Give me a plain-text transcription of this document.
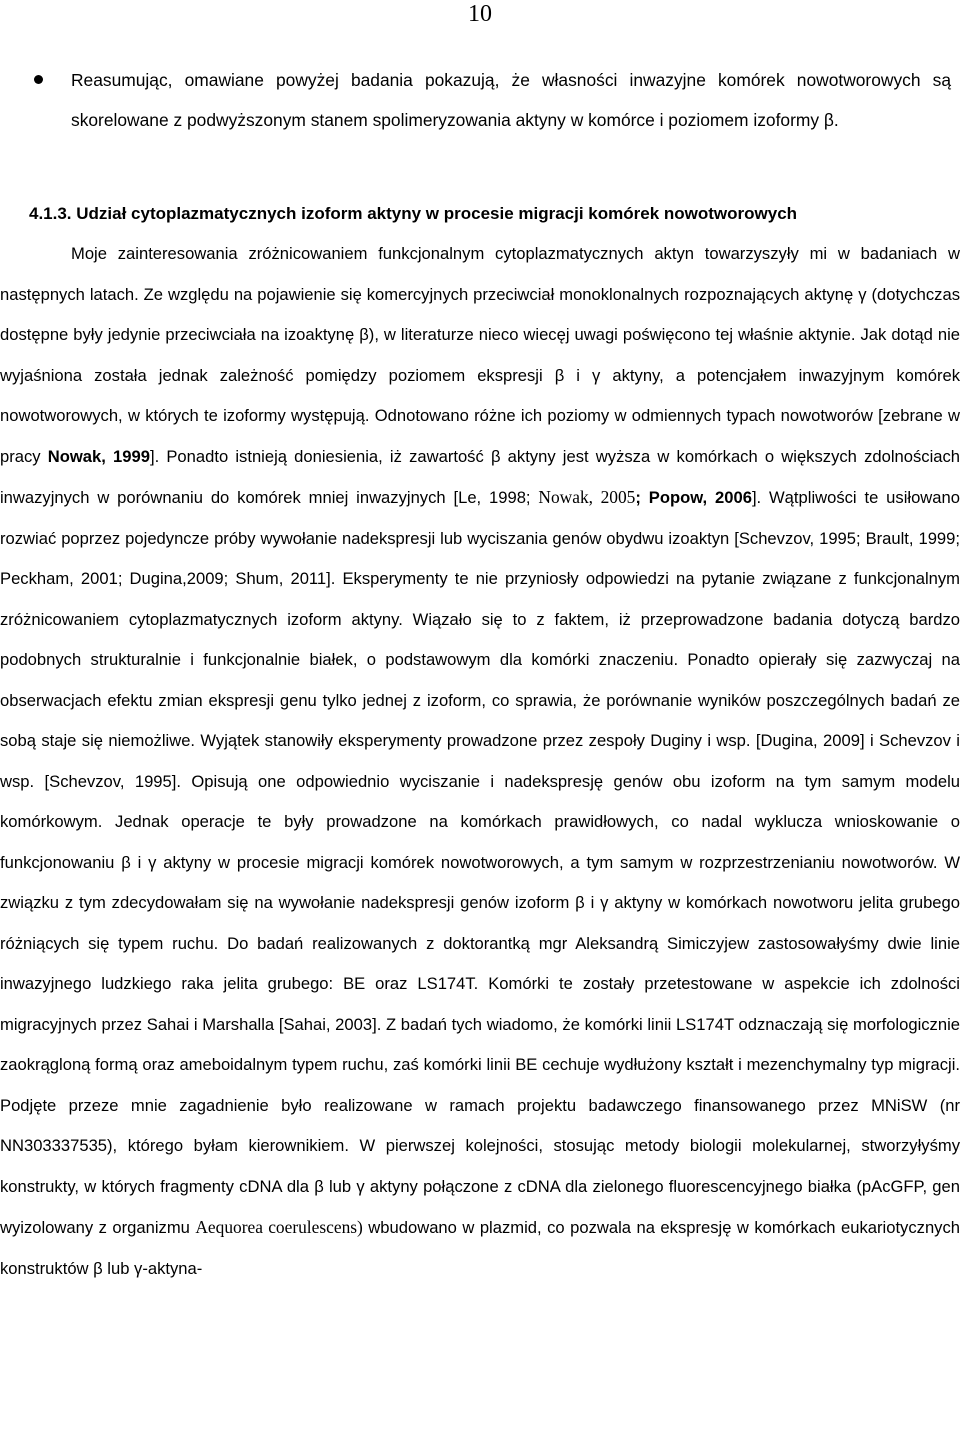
10

Reasumując, omawiane powyżej badania pokazują, że własności inwazyjne komórek nowotworowych są skorelowane z podwyższonym stanem spolimeryzowania aktyny w komórce i poziomem izoformy β.

4.1.3. Udział cytoplazmatycznych izoform aktyny w procesie migracji komórek nowotworowych

Moje zainteresowania zróżnicowaniem funkcjonalnym cytoplazmatycznych aktyn towarzyszyły mi w badaniach w następnych latach. Ze względu na pojawienie się komercyjnych przeciwciał monoklonalnych rozpoznających aktynę γ (dotychczas dostępne były jedynie przeciwciała na izoaktynę β), w literaturze nieco wiecęj uwagi poświęcono tej właśnie aktynie. Jak dotąd nie wyjaśniona została jednak zależność pomiędzy poziomem ekspresji β i γ aktyny, a potencjałem inwazyjnym komórek nowotworowych, w których te izoformy występują. Odnotowano różne ich poziomy w odmiennych typach nowotworów [zebrane w pracy Nowak, 1999]. Ponadto istnieją doniesienia, iż zawartość β aktyny jest wyższa w komórkach o większych zdolnościach inwazyjnych w porównaniu do komórek mniej inwazyjnych [Le, 1998; Nowak, 2005; Popow, 2006]. Wątpliwości te usiłowano rozwiać poprzez pojedyncze próby wywołanie nadekspresji lub wyciszania genów obydwu izoaktyn [Schevzov, 1995; Brault, 1999; Peckham, 2001; Dugina,2009; Shum, 2011]. Eksperymenty te nie przyniosły odpowiedzi na pytanie związane z funkcjonalnym zróżnicowaniem cytoplazmatycznych izoform aktyny. Wiązało się to z faktem, iż przeprowadzone badania dotyczą bardzo podobnych strukturalnie i funkcjonalnie białek, o podstawowym dla komórki znaczeniu. Ponadto opierały się zazwyczaj na obserwacjach efektu zmian ekspresji genu tylko jednej z izoform, co sprawia, że porównanie wyników poszczególnych badań ze sobą staje się niemożliwe. Wyjątek stanowiły eksperymenty prowadzone przez zespoły Duginy i wsp. [Dugina, 2009] i Schevzov i wsp. [Schevzov, 1995]. Opisują one odpowiednio wyciszanie i nadekspresję genów obu izoform na tym samym modelu komórkowym. Jednak operacje te były prowadzone na komórkach prawidłowych, co nadal wyklucza wnioskowanie o funkcjonowaniu β i γ aktyny w procesie migracji komórek nowotworowych, a tym samym w rozprzestrzenianiu nowotworów. W związku z tym zdecydowałam się na wywołanie nadekspresji genów izoform β i γ aktyny w komórkach nowotworu jelita grubego różniących się typem ruchu. Do badań realizowanych z doktorantką mgr Aleksandrą Simiczyjew zastosowałyśmy dwie linie inwazyjnego ludzkiego raka jelita grubego: BE oraz LS174T. Komórki te zostały przetestowane w aspekcie ich zdolności migracyjnych przez Sahai i Marshalla [Sahai, 2003]. Z badań tych wiadomo, że komórki linii LS174T odznaczają się morfologicznie zaokrągloną formą oraz ameboidalnym typem ruchu, zaś komórki linii BE cechuje wydłużony kształt i mezenchymalny typ migracji. Podjęte przeze mnie zagadnienie było realizowane w ramach projektu badawczego finansowanego przez MNiSW (nr NN303337535), którego byłam kierownikiem. W pierwszej kolejności, stosując metody biologii molekularnej, stworzyłyśmy konstrukty, w których fragmenty cDNA dla β lub γ aktyny połączone z cDNA dla zielonego fluorescencyjnego białka (pAcGFP, gen wyizolowany z organizmu Aequorea coerulescens) wbudowano w plazmid, co pozwala na ekspresję w komórkach eukariotycznych konstruktów β lub γ-aktyna-
